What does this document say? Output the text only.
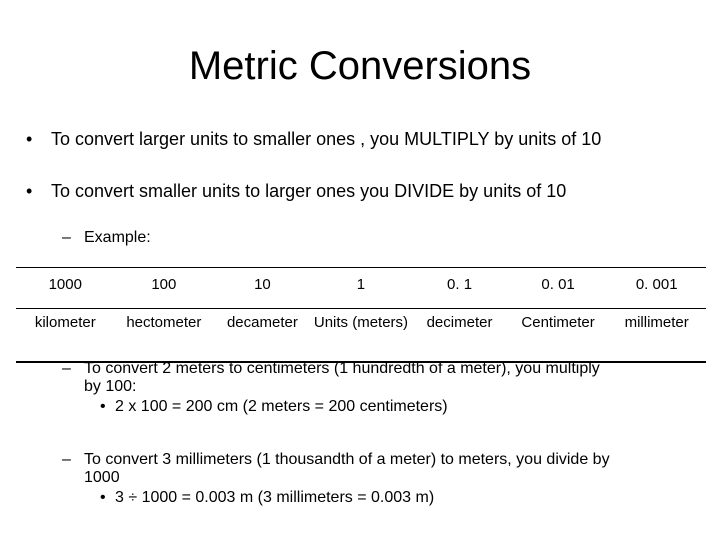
Metric Conversions
• To convert larger units to smaller ones , you MULTIPLY by units of 10
• To convert smaller units to larger ones you DIVIDE by units of 10
– Example:
1000	100	10	1	0. 1	0. 01	0. 001
kilometer	hectometer	decameter	Units (meters)	decimeter	Centimeter	millimeter
– To convert 2 meters to centimeters (1 hundredth of a meter), you multiply
by 100:
• 2 x 100 = 200 cm (2 meters = 200 centimeters)
– To convert 3 millimeters (1 thousandth of a meter) to meters, you divide by
1000
• 3 ÷ 1000 = 0.003 m (3 millimeters = 0.003 m)
